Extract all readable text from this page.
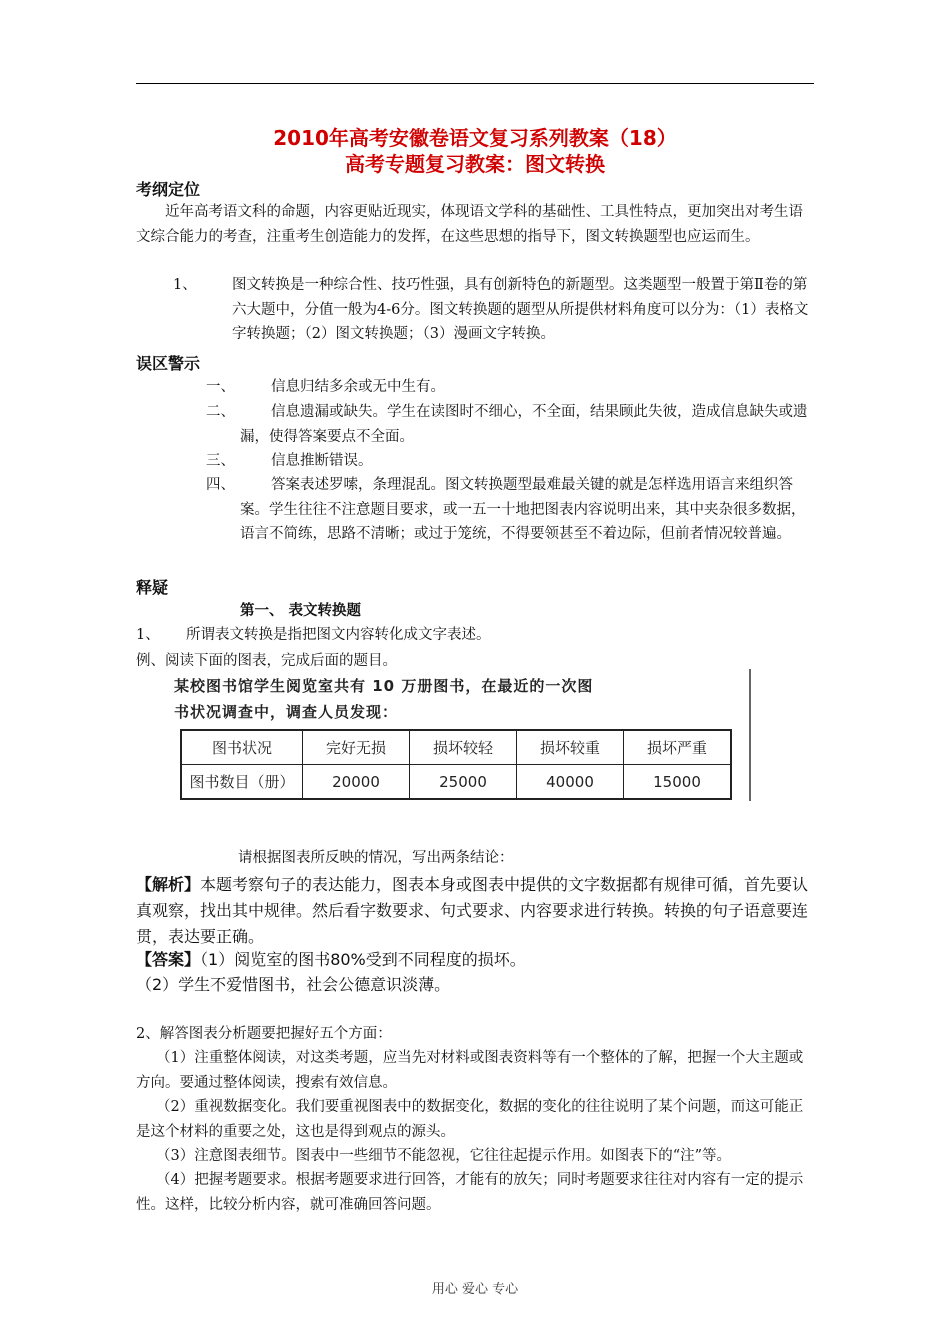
2010年高考安徽卷语文复习系列教案（18）
高考专题复习教案：图文转换
考纲定位

近年高考语文科的命题，内容更贴近现实，体现语文学科的基础性、工具性特点，更加突出对考生语文综合能力的考查，注重考生创造能力的发挥，在这些思想的指导下，图文转换题型也应运而生。

1、 图文转换是一种综合性、技巧性强，具有创新特色的新题型。这类题型一般置于第Ⅱ卷的第六大题中，分值一般为4-6分。图文转换题的题型从所提供材料角度可以分为：（1）表格文字转换题；（2）图文转换题；（3）漫画文字转换。

误区警示
一、	信息归结多余或无中生有。

二、	信息遗漏或缺失。学生在读图时不细心，不全面，结果顾此失彼，造成信息缺失或遗漏，使得答案要点不全面。

三、	信息推断错误。

四、	答案表述罗嗦，条理混乱。图文转换题型最难最关键的就是怎样选用语言来组织答案。学生往往不注意题目要求，或一五一十地把图表内容说明出来，其中夹杂很多数据，语言不简练，思路不清晰；或过于笼统，不得要领甚至不着边际，但前者情况较普遍。

释疑
第一、 表文转换题
1、 所谓表文转换是指把图文内容转化成文字表述。

例、阅读下面的图表，完成后面的题目。

某校图书馆学生阅览室共有 10 万册图书，在最近的一次图
书状况调查中，调查人员发现：
图书状况	完好无损	损坏较轻	损坏较重	损坏严重
图书数目（册）	20000	25000	40000	15000

请根据图表所反映的情况，写出两条结论：

【解析】本题考察句子的表达能力，图表本身或图表中提供的文字数据都有规律可循，首先要认真观察，找出其中规律。然后看字数要求、句式要求、内容要求进行转换。转换的句子语意要连贯，表达要正确。

【答案】（1）阅览室的图书80%受到不同程度的损坏。

（2）学生不爱惜图书，社会公德意识淡薄。

2、解答图表分析题要把握好五个方面：

（1）注重整体阅读，对这类考题，应当先对材料或图表资料等有一个整体的了解，把握一个大主题或方向。要通过整体阅读，搜索有效信息。

（2）重视数据变化。我们要重视图表中的数据变化，数据的变化的往往说明了某个问题，而这可能正是这个材料的重要之处，这也是得到观点的源头。

（3）注意图表细节。图表中一些细节不能忽视，它往往起提示作用。如图表下的“注”等。

（4）把握考题要求。根据考题要求进行回答，才能有的放矢；同时考题要求往往对内容有一定的提示性。这样，比较分析内容，就可准确回答问题。

用心 爱心 专心
